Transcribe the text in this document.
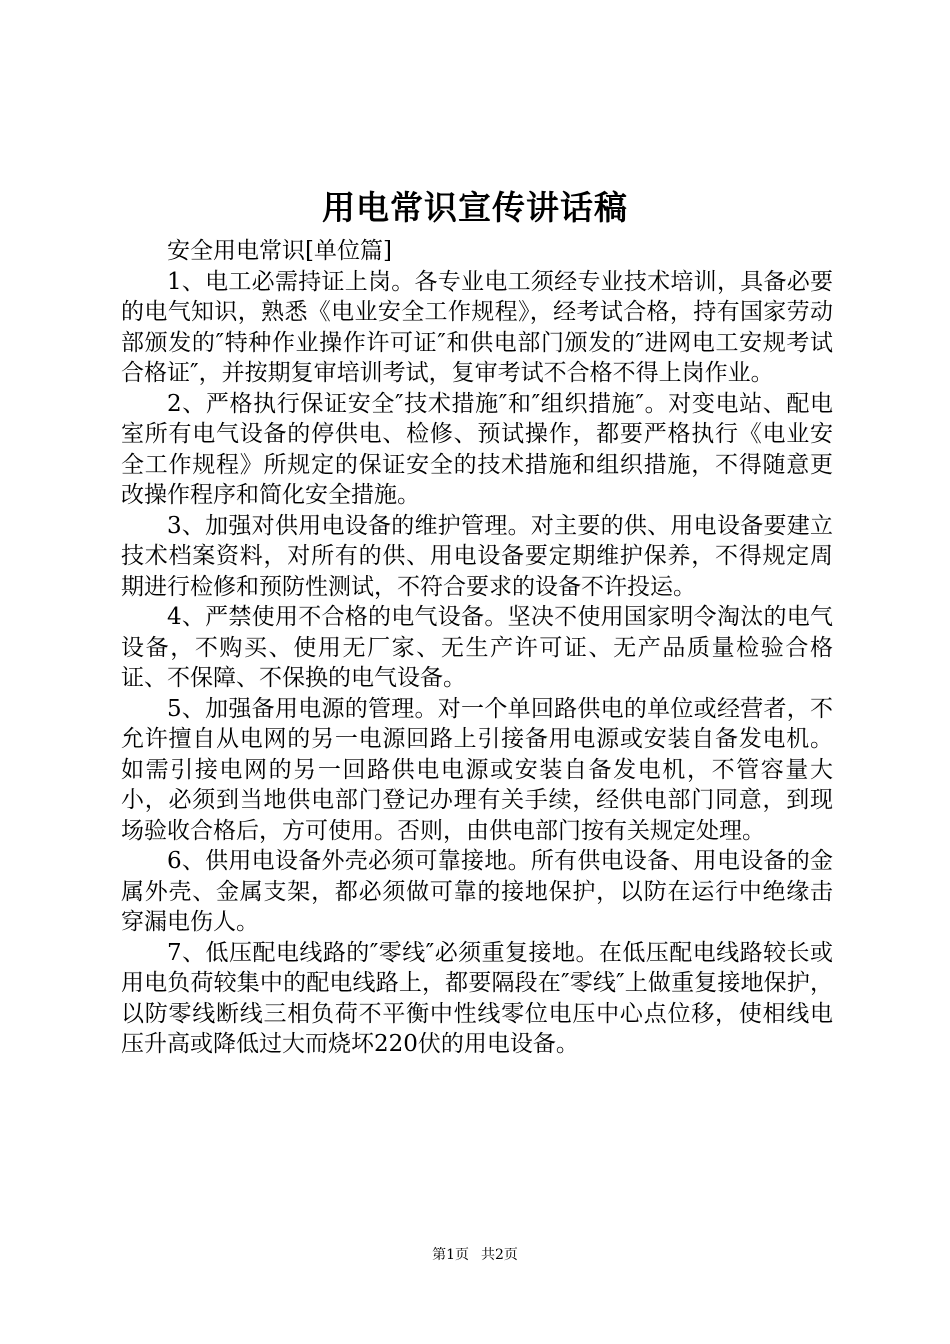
用电常识宣传讲话稿

安全用电常识[单位篇]

1、电工必需持证上岗。各专业电工须经专业技术培训，具备必要的电气知识，熟悉《电业安全工作规程》，经考试合格，持有国家劳动部颁发的″特种作业操作许可证″和供电部门颁发的″进网电工安规考试合格证″，并按期复审培训考试，复审考试不合格不得上岗作业。

2、严格执行保证安全″技术措施″和″组织措施″。对变电站、配电室所有电气设备的停供电、检修、预试操作，都要严格执行《电业安全工作规程》所规定的保证安全的技术措施和组织措施，不得随意更改操作程序和简化安全措施。

3、加强对供用电设备的维护管理。对主要的供、用电设备要建立技术档案资料，对所有的供、用电设备要定期维护保养，不得规定周期进行检修和预防性测试，不符合要求的设备不许投运。

4、严禁使用不合格的电气设备。坚决不使用国家明令淘汰的电气设备，不购买、使用无厂家、无生产许可证、无产品质量检验合格证、不保障、不保换的电气设备。

5、加强备用电源的管理。对一个单回路供电的单位或经营者，不允许擅自从电网的另一电源回路上引接备用电源或安装自备发电机。如需引接电网的另一回路供电电源或安装自备发电机，不管容量大小，必须到当地供电部门登记办理有关手续，经供电部门同意，到现场验收合格后，方可使用。否则，由供电部门按有关规定处理。

6、供用电设备外壳必须可靠接地。所有供电设备、用电设备的金属外壳、金属支架，都必须做可靠的接地保护，以防在运行中绝缘击穿漏电伤人。

7、低压配电线路的″零线″必须重复接地。在低压配电线路较长或用电负荷较集中的配电线路上，都要隔段在″零线″上做重复接地保护，以防零线断线三相负荷不平衡中性线零位电压中心点位移，使相线电压升高或降低过大而烧坏220伏的用电设备。

第1页 共2页
